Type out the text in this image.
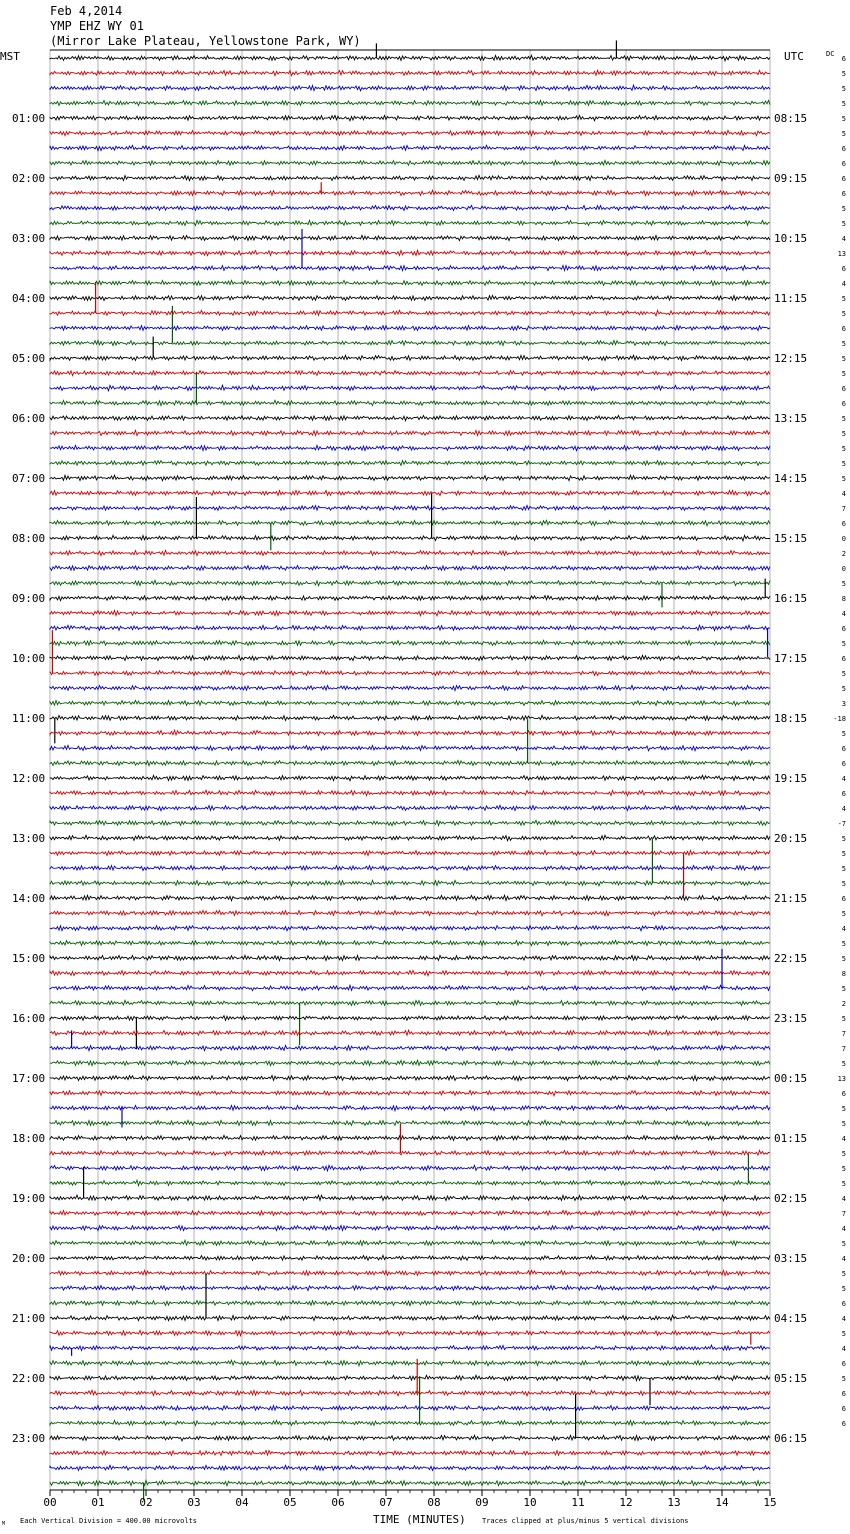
Feb 4,2014
YMP EHZ WY 01
(Mirror Lake Plateau, Yellowstone Park, WY)
01:00
02:00
03:00
04:00
05:00
06:00
07:00
08:00
09:00
10:00
11:00
12:00
13:00
14:00
15:00
16:00
17:00
18:00
19:00
20:00
21:00
22:00
23:00
08:15
09:15
10:15
11:15
12:15
13:15
14:15
15:15
16:15
17:15
18:15
19:15
20:15
21:15
22:15
23:15
00:15
01:15
02:15
03:15
04:15
05:15
06:15
6
5
5
5
5
5
6
6
6
6
5
5
4
13
6
4
5
5
6
5
5
5
6
6
5
5
5
5
5
4
7
6
0
2
0
5
8
4
6
5
6
5
5
3
-18
5
6
6
4
6
4
-7
5
5
5
5
6
5
4
5
5
8
5
2
5
7
7
5
13
6
5
5
4
5
5
5
4
7
4
5
4
5
5
6
4
5
4
6
5
6
6
6
00	01	02	03	04	05	06	07	08	09	10	11	12	13	14	15
MST	UTC	DC
TIME (MINUTES)
Each Vertical Division = 400.00 microvolts	Traces clipped at plus/minus 5 vertical divisions
M
